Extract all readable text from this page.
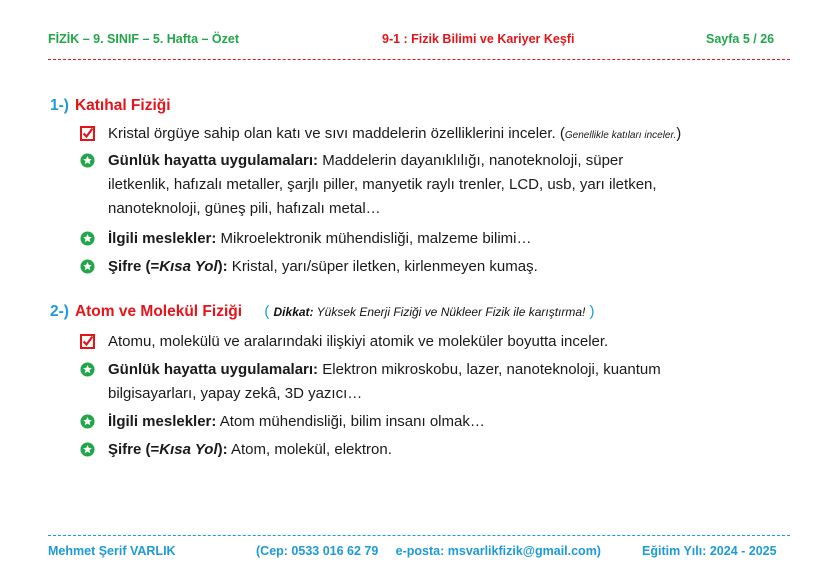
FİZİK – 9. SINIF – 5. Hafta – Özet	9-1 : Fizik Bilimi ve Kariyer Keşfi	Sayfa 5 / 26
1-) Katıhal Fiziği
Kristal örgüye sahip olan katı ve sıvı maddelerin özelliklerini inceler. (Genellikle katıları inceler.)
Günlük hayatta uygulamaları: Maddelerin dayanıklılığı, nanoteknoloji, süper
iletkenlik, hafızalı metaller, şarjlı piller, manyetik raylı trenler, LCD, usb, yarı iletken,
nanoteknoloji, güneş pili, hafızalı metal…
İlgili meslekler: Mikroelektronik mühendisliği, malzeme bilimi…
Şifre (=Kısa Yol): Kristal, yarı/süper iletken, kirlenmeyen kumaş.
2-) Atom ve Molekül Fiziği ( Dikkat: Yüksek Enerji Fiziği ve Nükleer Fizik ile karıştırma! )
Atomu, molekülü ve aralarındaki ilişkiyi atomik ve moleküler boyutta inceler.
Günlük hayatta uygulamaları: Elektron mikroskobu, lazer, nanoteknoloji, kuantum
bilgisayarları, yapay zekâ, 3D yazıcı…
İlgili meslekler: Atom mühendisliği, bilim insanı olmak…
Şifre (=Kısa Yol): Atom, molekül, elektron.
Mehmet Şerif VARLIK	(Cep: 0533 016 62 79     e-posta: msvarlikfizik@gmail.com)	Eğitim Yılı: 2024 - 2025
